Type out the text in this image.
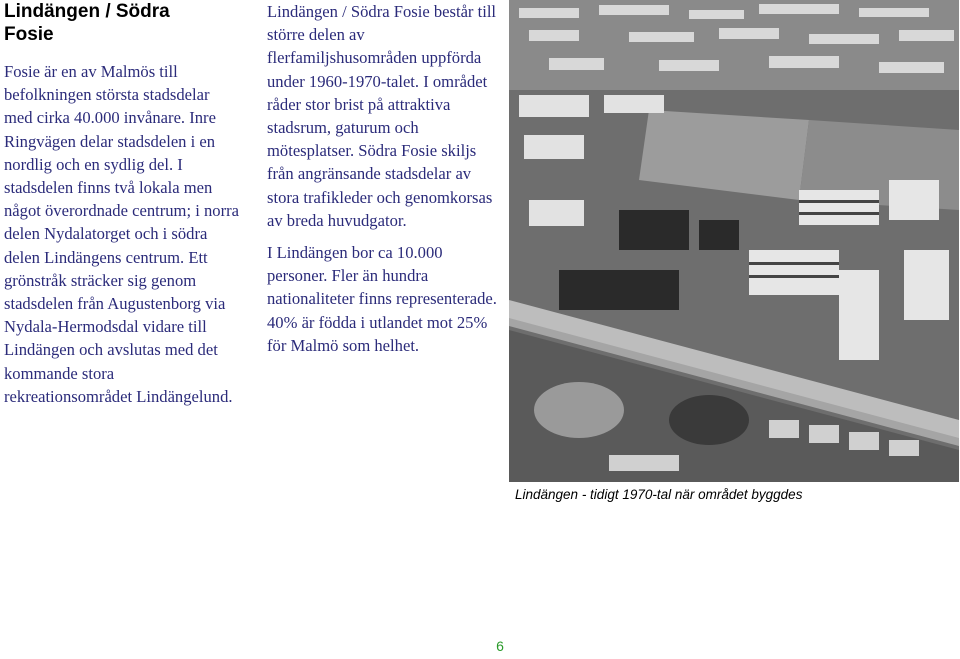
Lindängen / Södra Fosie

Fosie är en av Malmös till befolkningen största stadsdelar med cirka 40.000 invånare. Inre Ringvägen delar stadsdelen i en nordlig och en sydlig del. I stadsdelen finns två lokala men något överordnade centrum; i norra delen Nydalatorget och i södra delen Lindängens centrum. Ett grönstråk sträcker sig genom stadsdelen från Augustenborg via Nydala-Hermodsdal vidare till Lindängen och avslutas med det kommande stora rekreationsområdet Lindängelund.

Lindängen / Södra Fosie består till större delen av flerfamiljshusområden uppförda under 1960-1970-talet. I området råder stor brist på attraktiva stadsrum, gaturum och mötesplatser. Södra Fosie skiljs från angränsande stadsdelar av stora trafikleder och genomkorsas av breda huvudgator.

I Lindängen bor ca 10.000 personer. Fler än hundra nationaliteter finns representerade. 40% är födda i utlandet mot 25% för Malmö som helhet.

Lindängen - tidigt 1970-tal när området byggdes
6
